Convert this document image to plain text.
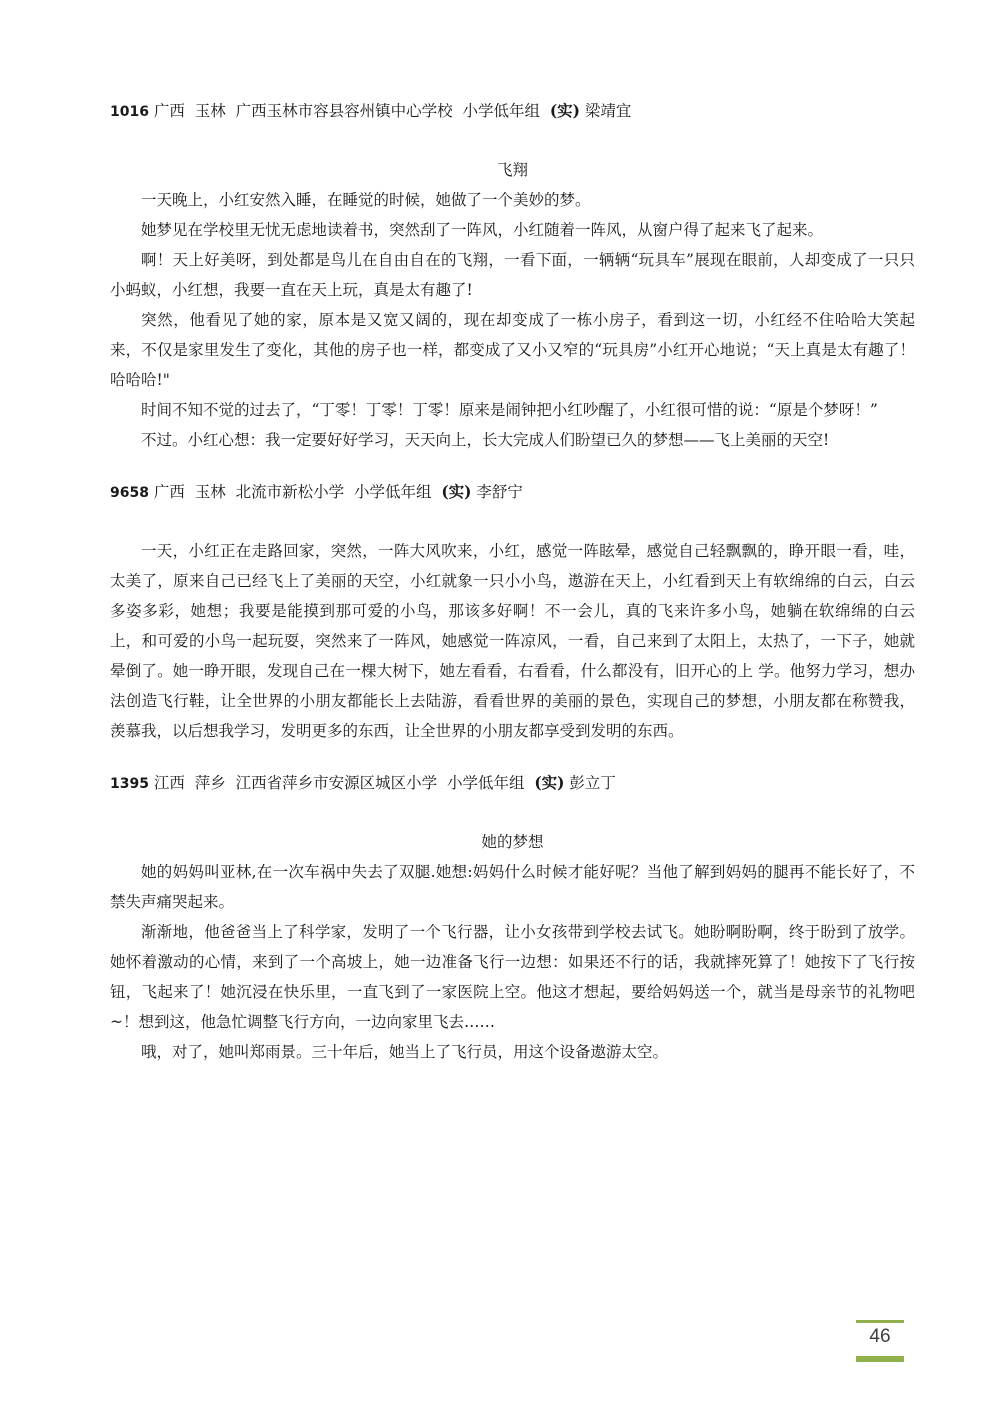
1016 广西  玉林  广西玉林市容县容州镇中心学校  小学低年组  (实) 梁靖宜

飞翔

一天晚上，小红安然入睡，在睡觉的时候，她做了一个美妙的梦。

她梦见在学校里无忧无虑地读着书，突然刮了一阵风，小红随着一阵风，从窗户得了起来飞了起来。

啊！天上好美呀，到处都是鸟儿在自由自在的飞翔，一看下面，一辆辆“玩具车”展现在眼前，人却变成了一只只小蚂蚁，小红想，我要一直在天上玩，真是太有趣了!

突然，他看见了她的家，原本是又宽又阔的，现在却变成了一栋小房子，看到这一切，小红经不住哈哈大笑起来，不仅是家里发生了变化，其他的房子也一样，都变成了又小又窄的“玩具房”小红开心地说；“天上真是太有趣了！哈哈哈!"

时间不知不觉的过去了，“丁零！丁零！丁零！原来是闹钟把小红吵醒了，小红很可惜的说：“原是个梦呀！”

不过。小红心想：我一定要好好学习，天天向上，长大完成人们盼望已久的梦想——飞上美丽的天空!

9658 广西  玉林  北流市新松小学  小学低年组  (实) 李舒宁

一天，小红正在走路回家，突然，一阵大风吹来，小红，感觉一阵眩晕，感觉自己轻飘飘的，睁开眼一看，哇，太美了，原来自己已经飞上了美丽的天空，小红就象一只小小鸟，遨游在天上，小红看到天上有软绵绵的白云，白云多姿多彩，她想；我要是能摸到那可爱的小鸟，那该多好啊！不一会儿，真的飞来许多小鸟，她躺在软绵绵的白云上，和可爱的小鸟一起玩耍，突然来了一阵风，她感觉一阵凉风，一看，自己来到了太阳上，太热了，一下子，她就晕倒了。她一睁开眼，发现自己在一棵大树下，她左看看，右看看，什么都没有，旧开心的上 学。他努力学习，想办法创造飞行鞋，让全世界的小朋友都能长上去陆游，看看世界的美丽的景色，实现自己的梦想，小朋友都在称赞我，羡慕我，以后想我学习，发明更多的东西，让全世界的小朋友都享受到发明的东西。

1395 江西  萍乡  江西省萍乡市安源区城区小学  小学低年组  (实) 彭立丁

她的梦想

她的妈妈叫亚林,在一次车祸中失去了双腿.她想:妈妈什么时候才能好呢？当他了解到妈妈的腿再不能长好了，不禁失声痛哭起来。

渐渐地，他爸爸当上了科学家，发明了一个飞行器，让小女孩带到学校去试飞。她盼啊盼啊，终于盼到了放学。她怀着激动的心情，来到了一个高坡上，她一边准备飞行一边想：如果还不行的话，我就摔死算了！她按下了飞行按钮，飞起来了！她沉浸在快乐里，一直飞到了一家医院上空。他这才想起，要给妈妈送一个，就当是母亲节的礼物吧~！想到这，他急忙调整飞行方向，一边向家里飞去……

哦，对了，她叫郑雨景。三十年后，她当上了飞行员，用这个设备遨游太空。

46
